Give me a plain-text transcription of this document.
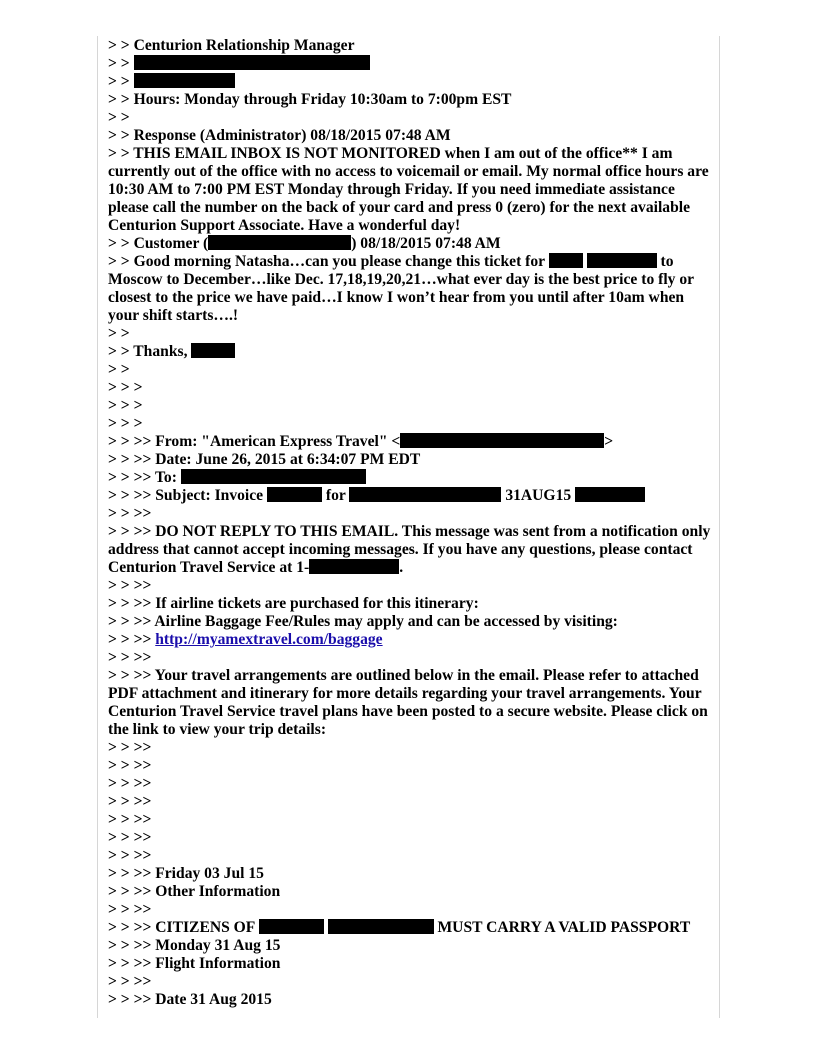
> > Centurion Relationship Manager
> >
> >
> > Hours: Monday through Friday 10:30am to 7:00pm EST
> >
> > Response (Administrator) 08/18/2015 07:48 AM
> > THIS EMAIL INBOX IS NOT MONITORED when I am out of the office** I am currently out of the office with no access to voicemail or email. My normal office hours are 10:30 AM to 7:00 PM EST Monday through Friday. If you need immediate assistance please call the number on the back of your card and press 0 (zero) for the next available Centurion Support Associate. Have a wonderful day!
> > Customer (	) 08/18/2015 07:48 AM
> > Good morning Natasha…can you please change this ticket for	to Moscow to December…like Dec. 17,18,19,20,21…what ever day is the best price to fly or closest to the price we have paid…I know I won’t hear from you until after 10am when your shift starts….!
> >
> > Thanks,
> >
> > >
> > >
> > >
> > >> From: "American Express Travel" <	>
> > >> Date: June 26, 2015 at 6:34:07 PM EDT
> > >> To:
> > >> Subject: Invoice	for	31AUG15
> > >>
> > >> DO NOT REPLY TO THIS EMAIL. This message was sent from a notification only address that cannot accept incoming messages. If you have any questions, please contact Centurion Travel Service at 1-	.
> > >>
> > >> If airline tickets are purchased for this itinerary:
> > >> Airline Baggage Fee/Rules may apply and can be accessed by visiting:
> > >> http://myamextravel.com/baggage
> > >>
> > >> Your travel arrangements are outlined below in the email. Please refer to attached PDF attachment and itinerary for more details regarding your travel arrangements. Your Centurion Travel Service travel plans have been posted to a secure website. Please click on the link to view your trip details:
> > >>
> > >>
> > >>
> > >>
> > >>
> > >>
> > >>
> > >> Friday 03 Jul 15
> > >> Other Information
> > >>
> > >> CITIZENS OF	MUST CARRY A VALID PASSPORT
> > >> Monday 31 Aug 15
> > >> Flight Information
> > >>
> > >> Date 31 Aug 2015
